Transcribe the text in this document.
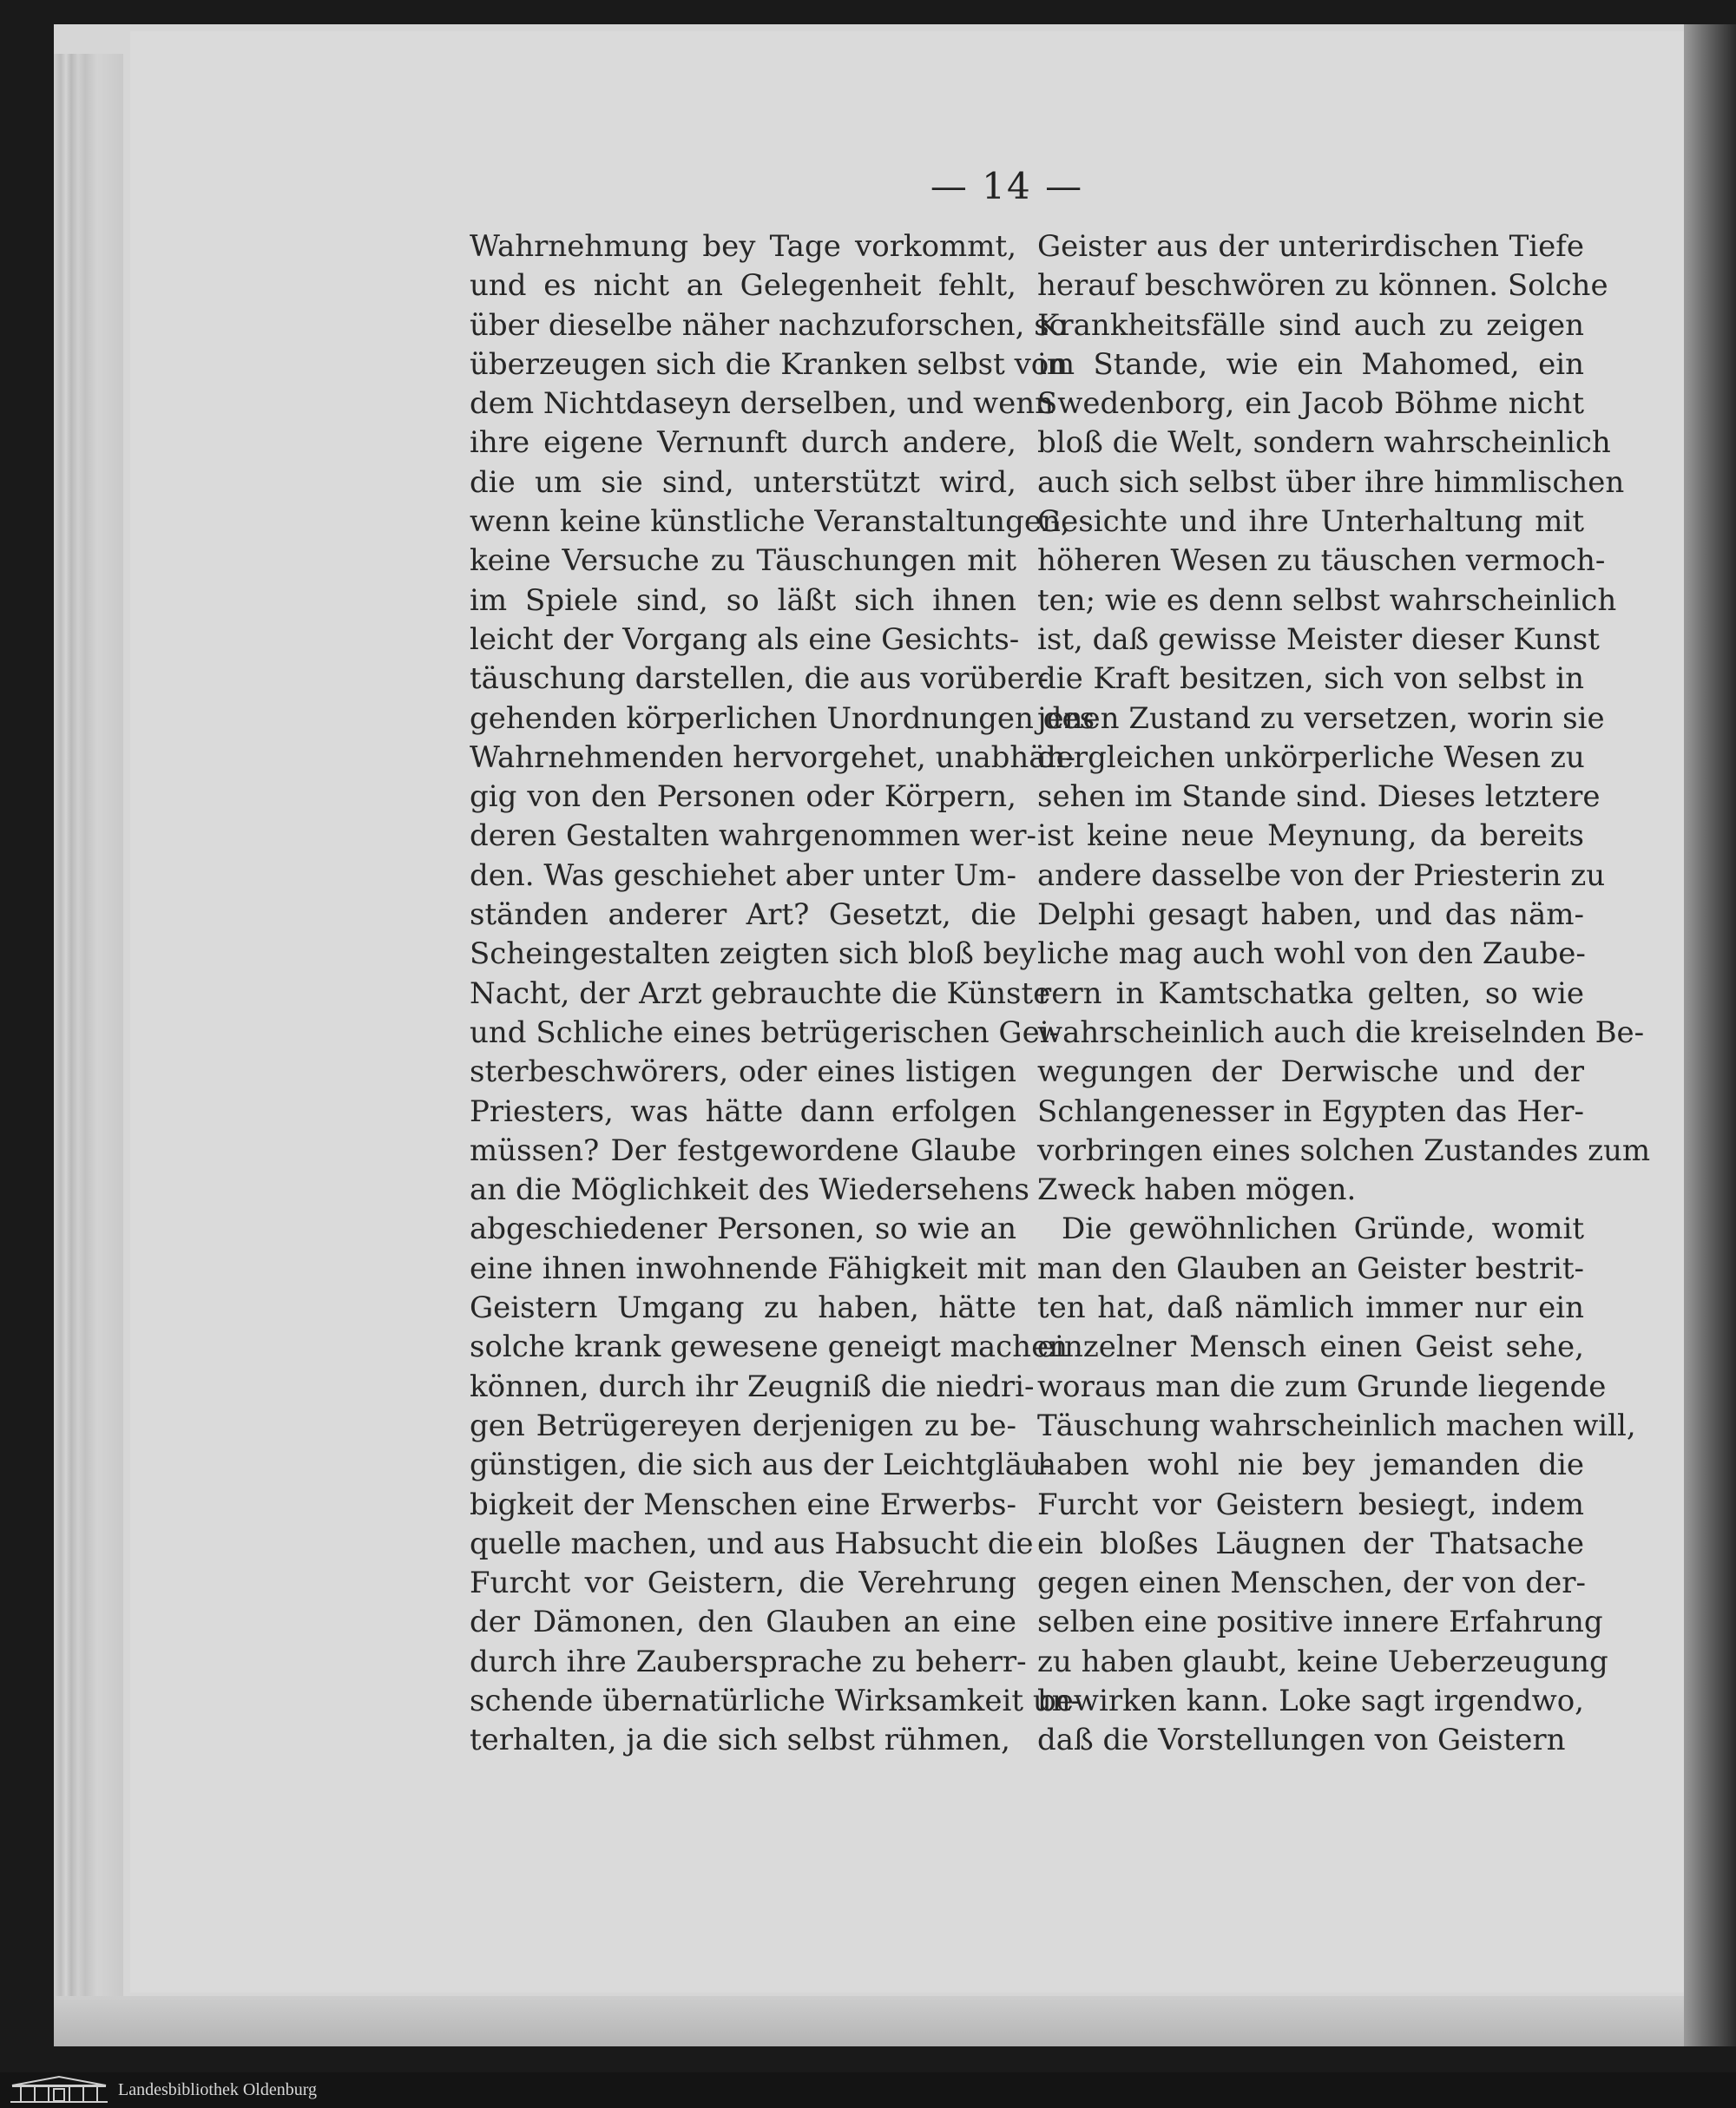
— 14 —
Wahrnehmung bey Tage vorkommt,
und es nicht an Gelegenheit fehlt,
über dieselbe näher nachzuforschen, so
überzeugen sich die Kranken selbst von
dem Nichtdaseyn derselben, und wenn
ihre eigene Vernunft durch andere,
die um sie sind, unterstützt wird,
wenn keine künstliche Veranstaltungen,
keine Versuche zu Täuschungen mit
im Spiele sind, so läßt sich ihnen
leicht der Vorgang als eine Gesichts-
täuschung darstellen, die aus vorüber-
gehenden körperlichen Unordnungen des
Wahrnehmenden hervorgehet, unabhän-
gig von den Personen oder Körpern,
deren Gestalten wahrgenommen wer-
den. Was geschiehet aber unter Um-
ständen anderer Art? Gesetzt, die
Scheingestalten zeigten sich bloß bey
Nacht, der Arzt gebrauchte die Künste
und Schliche eines betrügerischen Gei-
sterbeschwörers, oder eines listigen
Priesters, was hätte dann erfolgen
müssen? Der festgewordene Glaube
an die Möglichkeit des Wiedersehens
abgeschiedener Personen, so wie an
eine ihnen inwohnende Fähigkeit mit
Geistern Umgang zu haben, hätte
solche krank gewesene geneigt machen
können, durch ihr Zeugniß die niedri-
gen Betrügereyen derjenigen zu be-
günstigen, die sich aus der Leichtgläu-
bigkeit der Menschen eine Erwerbs-
quelle machen, und aus Habsucht die
Furcht vor Geistern, die Verehrung
der Dämonen, den Glauben an eine
durch ihre Zaubersprache zu beherr-
schende übernatürliche Wirksamkeit un-
terhalten, ja die sich selbst rühmen,
Geister aus der unterirdischen Tiefe
herauf beschwören zu können. Solche
Krankheitsfälle sind auch zu zeigen
im Stande, wie ein Mahomed, ein
Swedenborg, ein Jacob Böhme nicht
bloß die Welt, sondern wahrscheinlich
auch sich selbst über ihre himmlischen
Gesichte und ihre Unterhaltung mit
höheren Wesen zu täuschen vermoch-
ten; wie es denn selbst wahrscheinlich
ist, daß gewisse Meister dieser Kunst
die Kraft besitzen, sich von selbst in
jenen Zustand zu versetzen, worin sie
dergleichen unkörperliche Wesen zu
sehen im Stande sind. Dieses letztere
ist keine neue Meynung, da bereits
andere dasselbe von der Priesterin zu
Delphi gesagt haben, und das näm-
liche mag auch wohl von den Zaube-
rern in Kamtschatka gelten, so wie
wahrscheinlich auch die kreiselnden Be-
wegungen der Derwische und der
Schlangenesser in Egypten das Her-
vorbringen eines solchen Zustandes zum
Zweck haben mögen.
Die gewöhnlichen Gründe, womit
man den Glauben an Geister bestrit-
ten hat, daß nämlich immer nur ein
einzelner Mensch einen Geist sehe,
woraus man die zum Grunde liegende
Täuschung wahrscheinlich machen will,
haben wohl nie bey jemanden die
Furcht vor Geistern besiegt, indem
ein bloßes Läugnen der Thatsache
gegen einen Menschen, der von der-
selben eine positive innere Erfahrung
zu haben glaubt, keine Ueberzeugung
bewirken kann. Loke sagt irgendwo,
daß die Vorstellungen von Geistern
Landesbibliothek Oldenburg
